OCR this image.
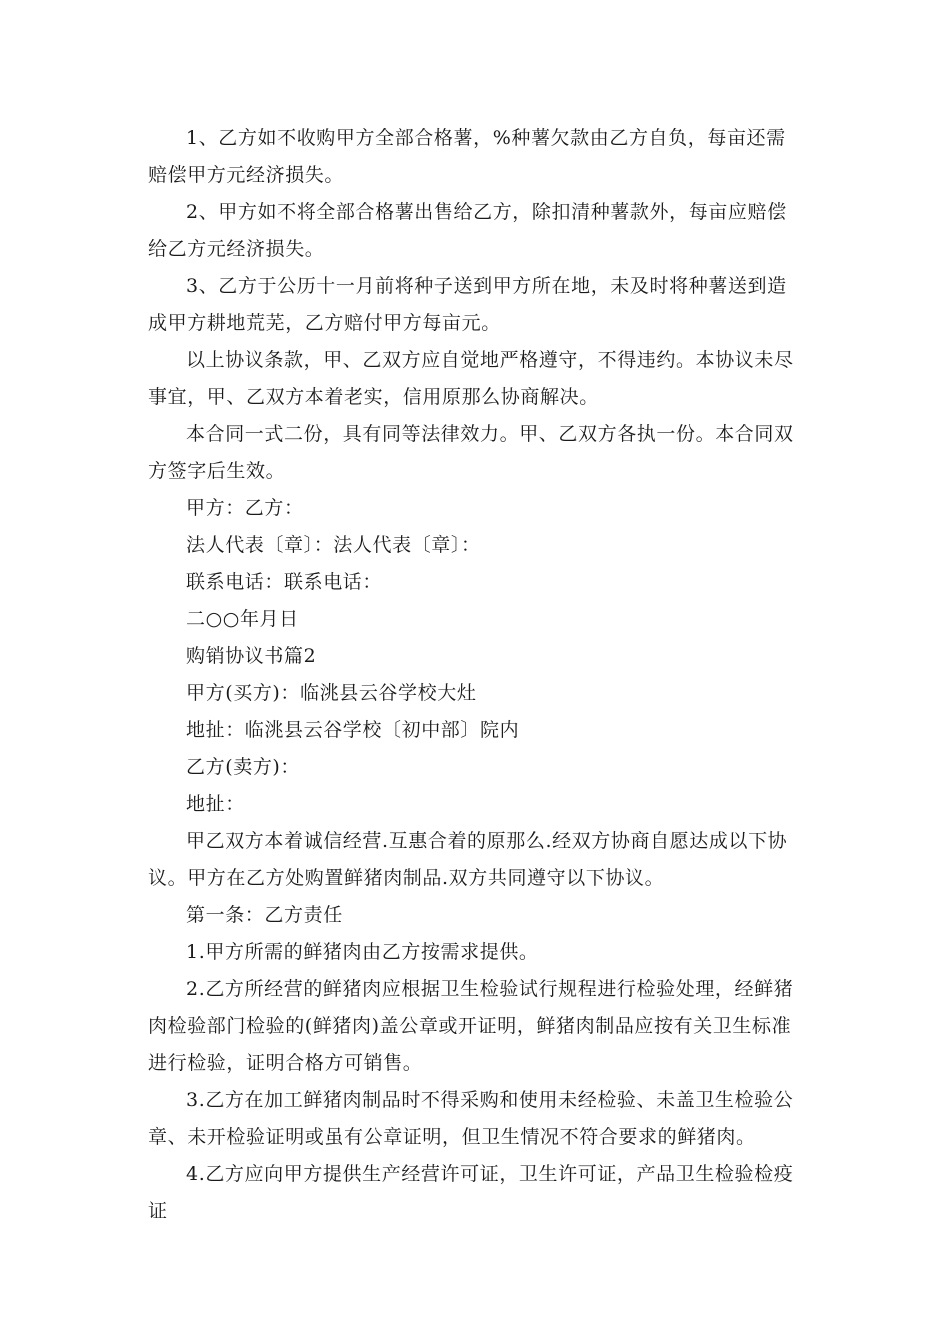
1、乙方如不收购甲方全部合格薯，%种薯欠款由乙方自负，每亩还需赔偿甲方元经济损失。

2、甲方如不将全部合格薯出售给乙方，除扣清种薯款外，每亩应赔偿给乙方元经济损失。

3、乙方于公历十一月前将种子送到甲方所在地，未及时将种薯送到造成甲方耕地荒芜，乙方赔付甲方每亩元。

以上协议条款，甲、乙双方应自觉地严格遵守，不得违约。本协议未尽事宜，甲、乙双方本着老实，信用原那么协商解决。

本合同一式二份，具有同等法律效力。甲、乙双方各执一份。本合同双方签字后生效。

甲方：乙方：

法人代表〔章〕：法人代表〔章〕：

联系电话：联系电话：

二○○年月日

购销协议书篇2

甲方(买方)：临洮县云谷学校大灶

地扯：临洮县云谷学校〔初中部〕院内

乙方(卖方)：

地扯：

甲乙双方本着诚信经营.互惠合着的原那么.经双方协商自愿达成以下协议。甲方在乙方处购置鲜猪肉制品.双方共同遵守以下协议。

第一条：乙方责任

1.甲方所需的鲜猪肉由乙方按需求提供。

2.乙方所经营的鲜猪肉应根据卫生检验试行规程进行检验处理，经鲜猪肉检验部门检验的(鲜猪肉)盖公章或开证明，鲜猪肉制品应按有关卫生标准进行检验，证明合格方可销售。

3.乙方在加工鲜猪肉制品时不得采购和使用未经检验、未盖卫生检验公章、未开检验证明或虽有公章证明，但卫生情况不符合要求的鲜猪肉。

4.乙方应向甲方提供生产经营许可证，卫生许可证，产品卫生检验检疫证
